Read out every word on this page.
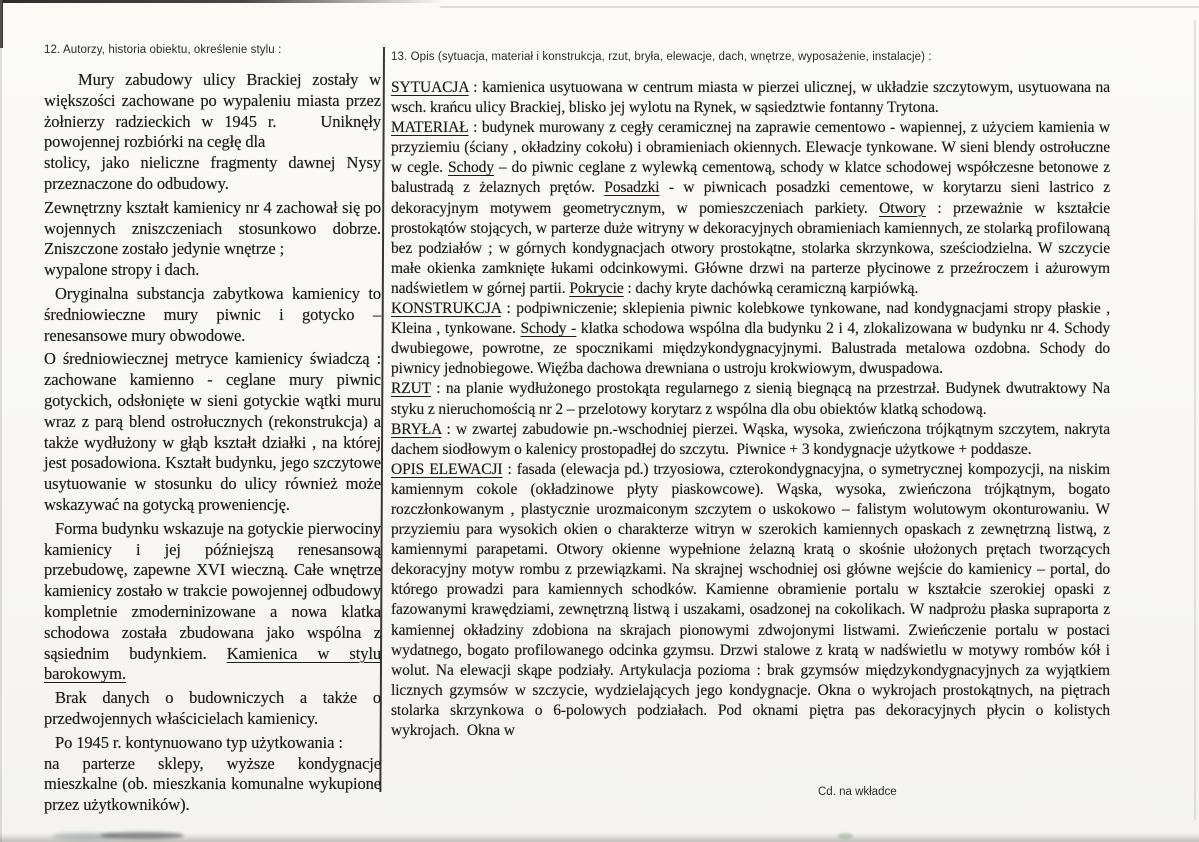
12. Autorzy, historia obiektu, określenie stylu :

Mury zabudowy ulicy Brackiej zostały w większości zachowane po wypaleniu miasta przez żołnierzy radzieckich w 1945 r.    Uniknęły powojennej rozbiórki na cegłę dla
stolicy, jako nieliczne fragmenty dawnej Nysy przeznaczone do odbudowy.

Zewnętrzny kształt kamienicy nr 4 zachował się po wojennych zniszczeniach stosunkowo dobrze. Zniszczone zostało jedynie wnętrze ;
wypalone stropy i dach.

Oryginalna substancja zabytkowa kamienicy to średniowieczne mury piwnic i gotycko – renesansowe mury obwodowe.

O średniowiecznej metryce kamienicy świadczą : zachowane kamienno - ceglane mury piwnic gotyckich, odsłonięte w sieni gotyckie wątki muru wraz z parą blend ostrołucznych (rekonstrukcja) a także wydłużony w głąb kształt działki , na której jest posadowiona. Kształt budynku, jego szczytowe usytuowanie w stosunku do ulicy również może wskazywać na gotycką proweniencję.

Forma budynku wskazuje na gotyckie pierwociny kamienicy i jej późniejszą renesansową przebudowę, zapewne XVI wieczną. Całe wnętrze kamienicy zostało w trakcie powojennej odbudowy kompletnie zmoderninizowane a nowa klatka schodowa została zbudowana jako wspólna z sąsiednim budynkiem. Kamienica w stylu barokowym.

Brak danych o budowniczych a także o przedwojennych właścicielach kamienicy.

Po 1945 r. kontynuowano typ użytkowania :
na parterze sklepy, wyższe kondygnacje mieszkalne (ob. mieszkania komunalne wykupione przez użytkowników).

13. Opis (sytuacja, materiał i konstrukcja, rzut, bryła, elewacje, dach, wnętrze, wyposażenie, instalacje) :

SYTUACJA : kamienica usytuowana w centrum miasta w pierzei ulicznej, w układzie szczytowym, usytuowana na wsch. krańcu ulicy Brackiej, blisko jej wylotu na Rynek, w sąsiedztwie fontanny Trytona.

MATERIAŁ : budynek murowany z cegły ceramicznej na zaprawie cementowo - wapiennej, z użyciem kamienia w przyziemiu (ściany , okładziny cokołu) i obramieniach okiennych. Elewacje tynkowane. W sieni blendy ostrołuczne w cegle. Schody – do piwnic ceglane z wylewką cementową, schody w klatce schodowej współczesne betonowe z balustradą z żelaznych prętów. Posadzki - w piwnicach posadzki cementowe, w korytarzu sieni lastrico z dekoracyjnym motywem geometrycznym, w pomieszczeniach parkiety. Otwory : przeważnie w kształcie prostokątów stojących, w parterze duże witryny w dekoracyjnych obramieniach kamiennych, ze stolarką profilowaną bez podziałów ; w górnych kondygnacjach otwory prostokątne, stolarka skrzynkowa, sześciodzielna. W szczycie małe okienka zamknięte łukami odcinkowymi. Główne drzwi na parterze płycinowe z przeźroczem i ażurowym nadświetlem w górnej partii. Pokrycie : dachy kryte dachówką ceramiczną karpiówką.

KONSTRUKCJA : podpiwniczenie; sklepienia piwnic kolebkowe tynkowane, nad kondygnacjami stropy płaskie , Kleina , tynkowane. Schody - klatka schodowa wspólna dla budynku 2 i 4, zlokalizowana w budynku nr 4. Schody dwubiegowe, powrotne, ze spocznikami międzykondygnacyjnymi. Balustrada metalowa ozdobna. Schody do piwnicy jednobiegowe. Więźba dachowa drewniana o ustroju krokwiowym, dwuspadowa.

RZUT : na planie wydłużonego prostokąta regularnego z sienią biegnącą na przestrzał. Budynek dwutraktowy Na styku z nieruchomością nr 2 – przelotowy korytarz z wspólna dla obu obiektów klatką schodową.

BRYŁA : w zwartej zabudowie pn.-wschodniej pierzei. Wąska, wysoka, zwieńczona trójkątnym szczytem, nakryta dachem siodłowym o kalenicy prostopadłej do szczytu.  Piwnice + 3 kondygnacje użytkowe + poddasze.

OPIS ELEWACJI : fasada (elewacja pd.) trzyosiowa, czterokondygnacyjna, o symetrycznej kompozycji, na niskim kamiennym cokole (okładzinowe płyty piaskowcowe). Wąska, wysoka, zwieńczona trójkątnym, bogato rozczłonkowanym , plastycznie urozmaiconym szczytem o uskokowo – falistym wolutowym okonturowaniu. W przyziemiu para wysokich okien o charakterze witryn w szerokich kamiennych opaskach z zewnętrzną listwą, z kamiennymi parapetami. Otwory okienne wypełnione żelazną kratą o skośnie ułożonych prętach tworzących dekoracyjny motyw rombu z przewiązkami. Na skrajnej wschodniej osi główne wejście do kamienicy – portal, do którego prowadzi para kamiennych schodków. Kamienne obramienie portalu w kształcie szerokiej opaski z fazowanymi krawędziami, zewnętrzną listwą i uszakami, osadzonej na cokolikach. W nadprożu płaska supraporta z kamiennej okładziny zdobiona na skrajach pionowymi zdwojonymi listwami. Zwieńczenie portalu w postaci wydatnego, bogato profilowanego odcinka gzymsu. Drzwi stalowe z kratą w nadświetlu w motywy rombów kół i wolut. Na elewacji skąpe podziały. Artykulacja pozioma : brak gzymsów międzykondygnacyjnych za wyjątkiem licznych gzymsów w szczycie, wydzielających jego kondygnacje. Okna o wykrojach prostokątnych, na piętrach stolarka skrzynkowa o 6-polowych podziałach. Pod oknami piętra pas dekoracyjnych płycin o kolistych wykrojach.  Okna w

Cd. na wkładce
